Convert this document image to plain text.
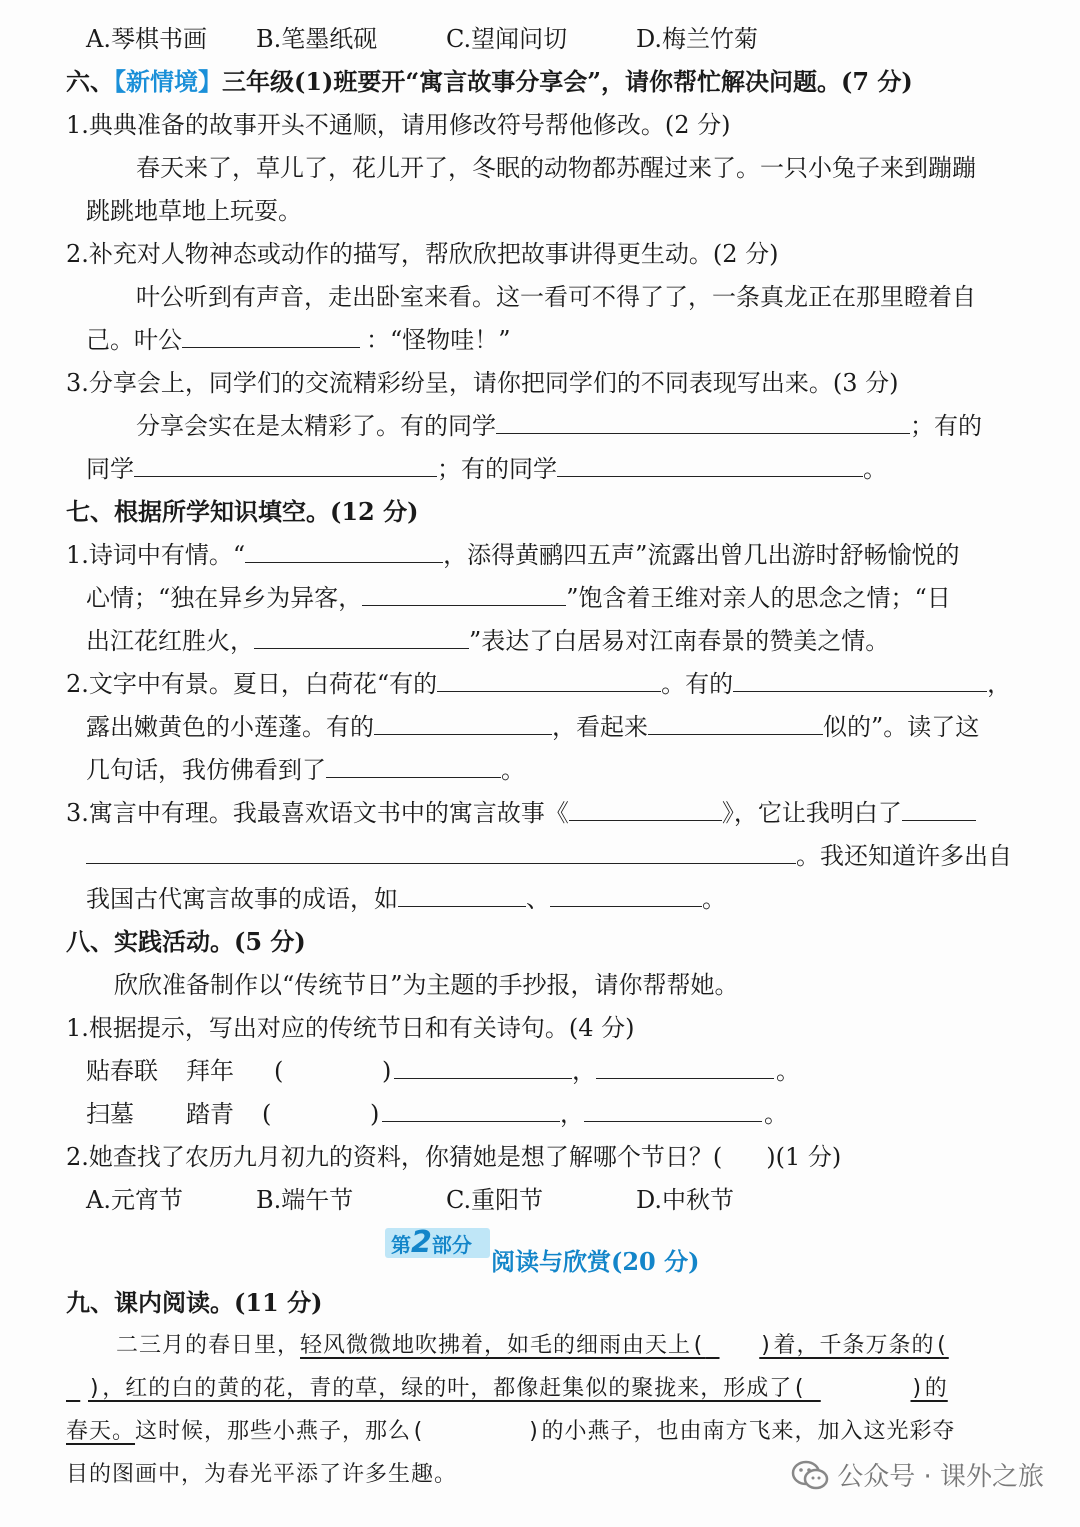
A.琴棋书画 B.笔墨纸砚	C.望闻问切	D.梅兰竹菊
六、【新情境】三年级(1)班要开“寓言故事分享会”，请你帮忙解决问题。(7 分)
1.典典准备的故事开头不通顺，请用修改符号帮他修改。(2 分)
春天来了，草儿了，花儿开了，冬眠的动物都苏醒过来了。一只小兔子来到蹦蹦
跳跳地草地上玩耍。
2.补充对人物神态或动作的描写，帮欣欣把故事讲得更生动。(2 分)
叶公听到有声音，走出卧室来看。这一看可不得了了，一条真龙正在那里瞪着自
己。叶公	：“怪物哇！”
3.分享会上，同学们的交流精彩纷呈，请你把同学们的不同表现写出来。(3 分)
分享会实在是太精彩了。有的同学	；有的
同学	；有的同学	。
七、根据所学知识填空。(12 分)
1.诗词中有情。“	，添得黄鹂四五声”流露出曾几出游时舒畅愉悦的
心情；“独在异乡为异客，	”饱含着王维对亲人的思念之情；“日
出江花红胜火，	”表达了白居易对江南春景的赞美之情。
2.文字中有景。夏日，白荷花“有的	。有的	，
露出嫩黄色的小莲蓬。有的	，看起来	似的”。读了这
几句话，我仿佛看到了	。
3.寓言中有理。我最喜欢语文书中的寓言故事《	》，它让我明白了
。我还知道许多出自
我国古代寓言故事的成语，如	、	。
八、实践活动。(5 分)
欣欣准备制作以“传统节日”为主题的手抄报，请你帮帮她。
1.根据提示，写出对应的传统节日和有关诗句。(4 分)
贴春联 拜年 (	)	，	。
扫墓 踏青 (	)	，	。
2.她查找了农历九月初九的资料，你猜她是想了解哪个节日？( )(1 分)
A.元宵节	B.端午节	C.重阳节	D.中秋节
第2部分
阅读与欣赏(20 分)
九、课内阅读。(11 分)
二三月的春日里，轻风微微地吹拂着，如毛的细雨由天上( )着，千条万条的(
)，红的白的黄的花，青的草，绿的叶，都像赶集似的聚拢来，形成了(	)的
春天。这时候，那些小燕子，那么(	)的小燕子，也由南方飞来，加入这光彩夺
目的图画中，为春光平添了许多生趣。	公众号 · 课外之旅
